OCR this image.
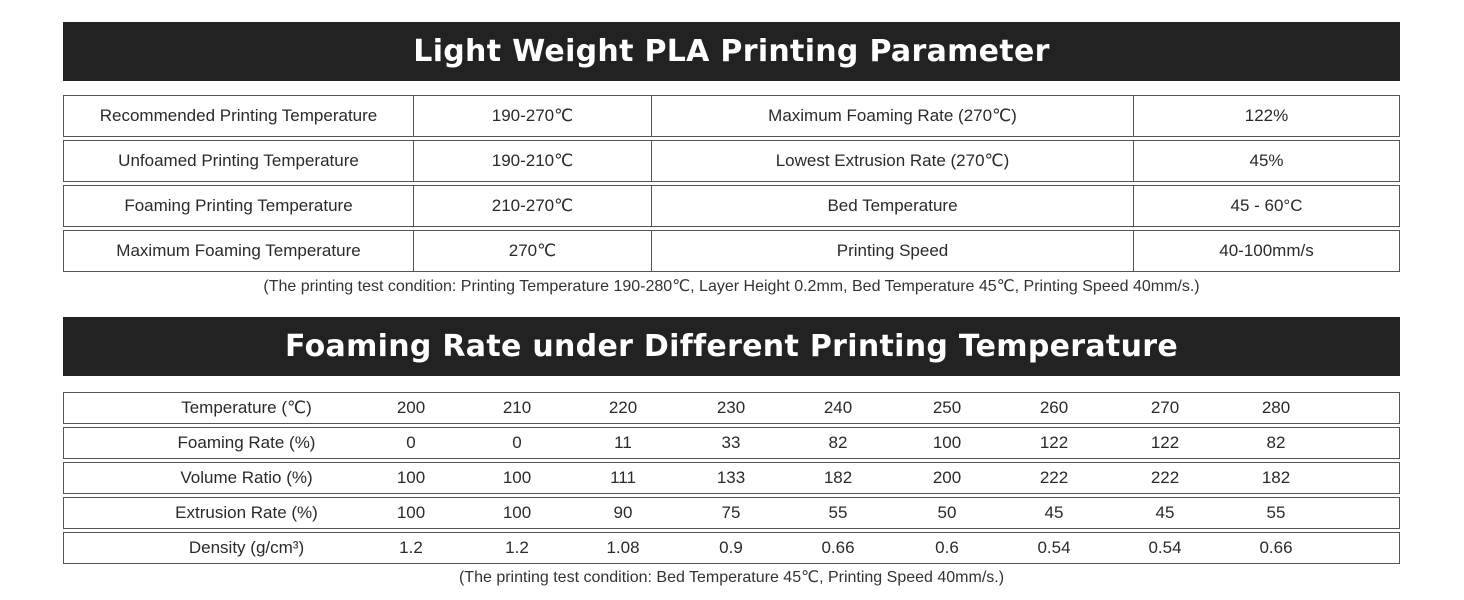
Light Weight PLA Printing Parameter
Recommended Printing Temperature	190-270℃	Maximum Foaming Rate (270℃)	122%
Unfoamed Printing Temperature	190-210℃	Lowest Extrusion Rate (270℃)	45%
Foaming Printing Temperature	210-270℃	Bed Temperature	45 - 60°C
Maximum Foaming Temperature	270℃	Printing Speed	40-100mm/s
(The printing test condition: Printing Temperature 190-280℃, Layer Height 0.2mm, Bed Temperature 45℃, Printing Speed 40mm/s.)
Foaming Rate under Different Printing Temperature
Temperature (℃)	200	210	220	230	240	250	260	270	280
Foaming Rate (%)	0	0	11	33	82	100	122	122	82
Volume Ratio (%)	100	100	111	133	182	200	222	222	182
Extrusion Rate (%)	100	100	90	75	55	50	45	45	55
Density (g/cm³)	1.2	1.2	1.08	0.9	0.66	0.6	0.54	0.54	0.66
(The printing test condition: Bed Temperature 45℃, Printing Speed 40mm/s.)
